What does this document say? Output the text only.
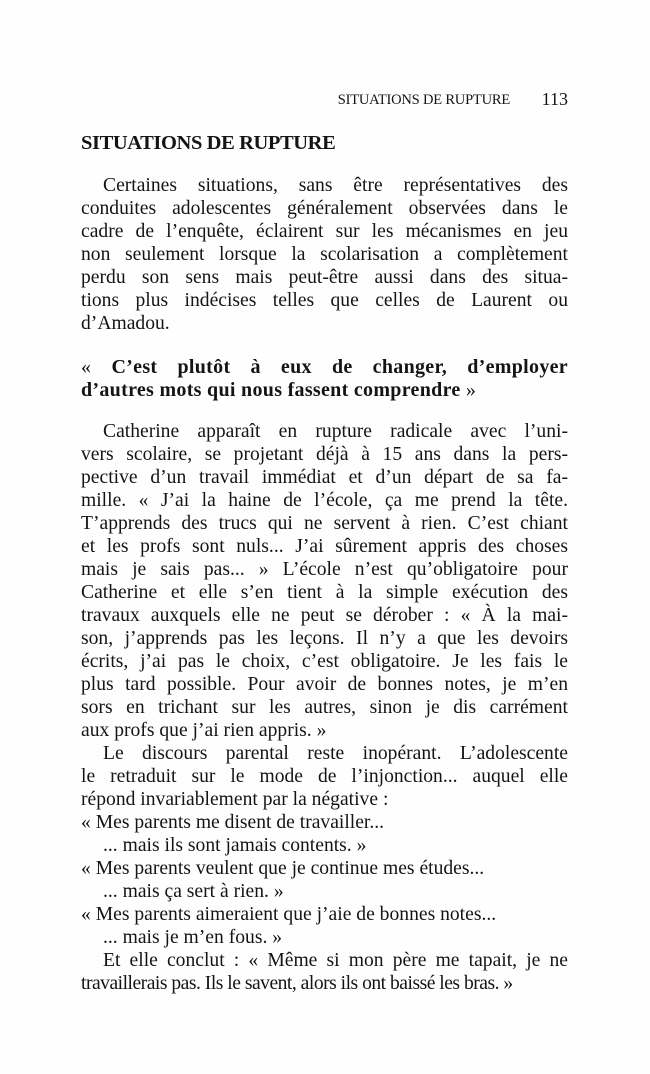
SITUATIONS DE RUPTURE 113
SITUATIONS DE RUPTURE
Certaines situations, sans être représentatives des
conduites adolescentes généralement observées dans le
cadre de l’enquête, éclairent sur les mécanismes en jeu
non seulement lorsque la scolarisation a complètement
perdu son sens mais peut-être aussi dans des situa-
tions plus indécises telles que celles de Laurent ou
d’Amadou.
« C’est plutôt à eux de changer, d’employer
d’autres mots qui nous fassent comprendre »
Catherine apparaît en rupture radicale avec l’uni-
vers scolaire, se projetant déjà à 15 ans dans la pers-
pective d’un travail immédiat et d’un départ de sa fa-
mille. « J’ai la haine de l’école, ça me prend la tête.
T’apprends des trucs qui ne servent à rien. C’est chiant
et les profs sont nuls... J’ai sûrement appris des choses
mais je sais pas... » L’école n’est qu’obligatoire pour
Catherine et elle s’en tient à la simple exécution des
travaux auxquels elle ne peut se dérober : « À la mai-
son, j’apprends pas les leçons. Il n’y a que les devoirs
écrits, j’ai pas le choix, c’est obligatoire. Je les fais le
plus tard possible. Pour avoir de bonnes notes, je m’en
sors en trichant sur les autres, sinon je dis carrément
aux profs que j’ai rien appris. »
Le discours parental reste inopérant. L’adolescente
le retraduit sur le mode de l’injonction... auquel elle
répond invariablement par la négative :
« Mes parents me disent de travailler...
... mais ils sont jamais contents. »
« Mes parents veulent que je continue mes études...
... mais ça sert à rien. »
« Mes parents aimeraient que j’aie de bonnes notes...
... mais je m’en fous. »
Et elle conclut : « Même si mon père me tapait, je ne
travaillerais pas. Ils le savent, alors ils ont baissé les bras. »
